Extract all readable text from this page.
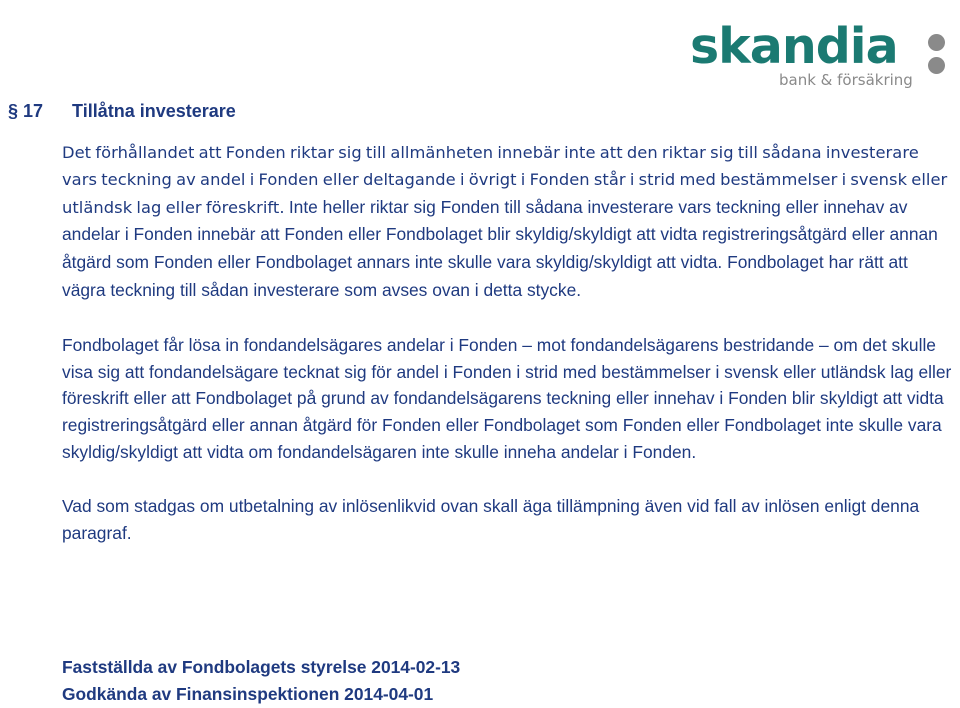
skandia
bank & försäkring
§ 17 Tillåtna investerare

Det förhållandet att Fonden riktar sig till allmänheten innebär inte att den riktar sig till sådana investerare vars teckning av andel i Fonden eller deltagande i övrigt i Fonden står i strid med bestämmelser i svensk eller utländsk lag eller föreskrift. Inte heller riktar sig Fonden till sådana investerare vars teckning eller innehav av andelar i Fonden innebär att Fonden eller Fondbolaget blir skyldig/skyldigt att vidta registreringsåtgärd eller annan åtgärd som Fonden eller Fondbolaget annars inte skulle vara skyldig/skyldigt att vidta. Fondbolaget har rätt att vägra teckning till sådan investerare som avses ovan i detta stycke.

Fondbolaget får lösa in fondandelsägares andelar i Fonden – mot fondandelsägarens bestridande – om det skulle visa sig att fondandelsägare tecknat sig för andel i Fonden i strid med bestämmelser i svensk eller utländsk lag eller föreskrift eller att Fondbolaget på grund av fondandelsägarens teckning eller innehav i Fonden blir skyldigt att vidta registreringsåtgärd eller annan åtgärd för Fonden eller Fondbolaget som Fonden eller Fondbolaget inte skulle vara skyldig/skyldigt att vidta om fondandelsägaren inte skulle inneha andelar i Fonden.

Vad som stadgas om utbetalning av inlösenlikvid ovan skall äga tillämpning även vid fall av inlösen enligt denna paragraf.

Fastställda av Fondbolagets styrelse 2014-02-13
Godkända av Finansinspektionen 2014-04-01
